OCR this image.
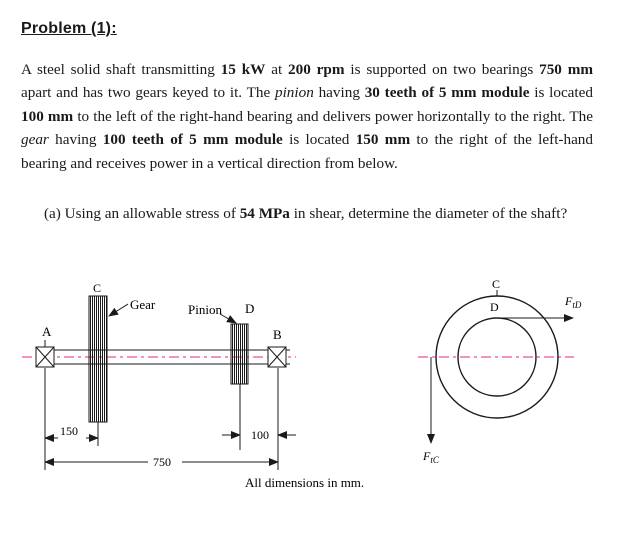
Problem (1):
A steel solid shaft transmitting 15 kW at 200 rpm is supported on two bearings 750 mm apart and has two gears keyed to it. The pinion having 30 teeth of 5 mm module is located 100 mm to the left of the right-hand bearing and delivers power horizontally to the right. The gear having 100 teeth of 5 mm module is located 150 mm to the right of the left-hand bearing and receives power in a vertical direction from below.
(a) Using an allowable stress of 54 MPa in shear, determine the diameter of the shaft?
A	B
C
D
Gear	Pinion
150	100
750
All dimensions in mm.
C
D	$F_{tD}$
$F_{tC}$
